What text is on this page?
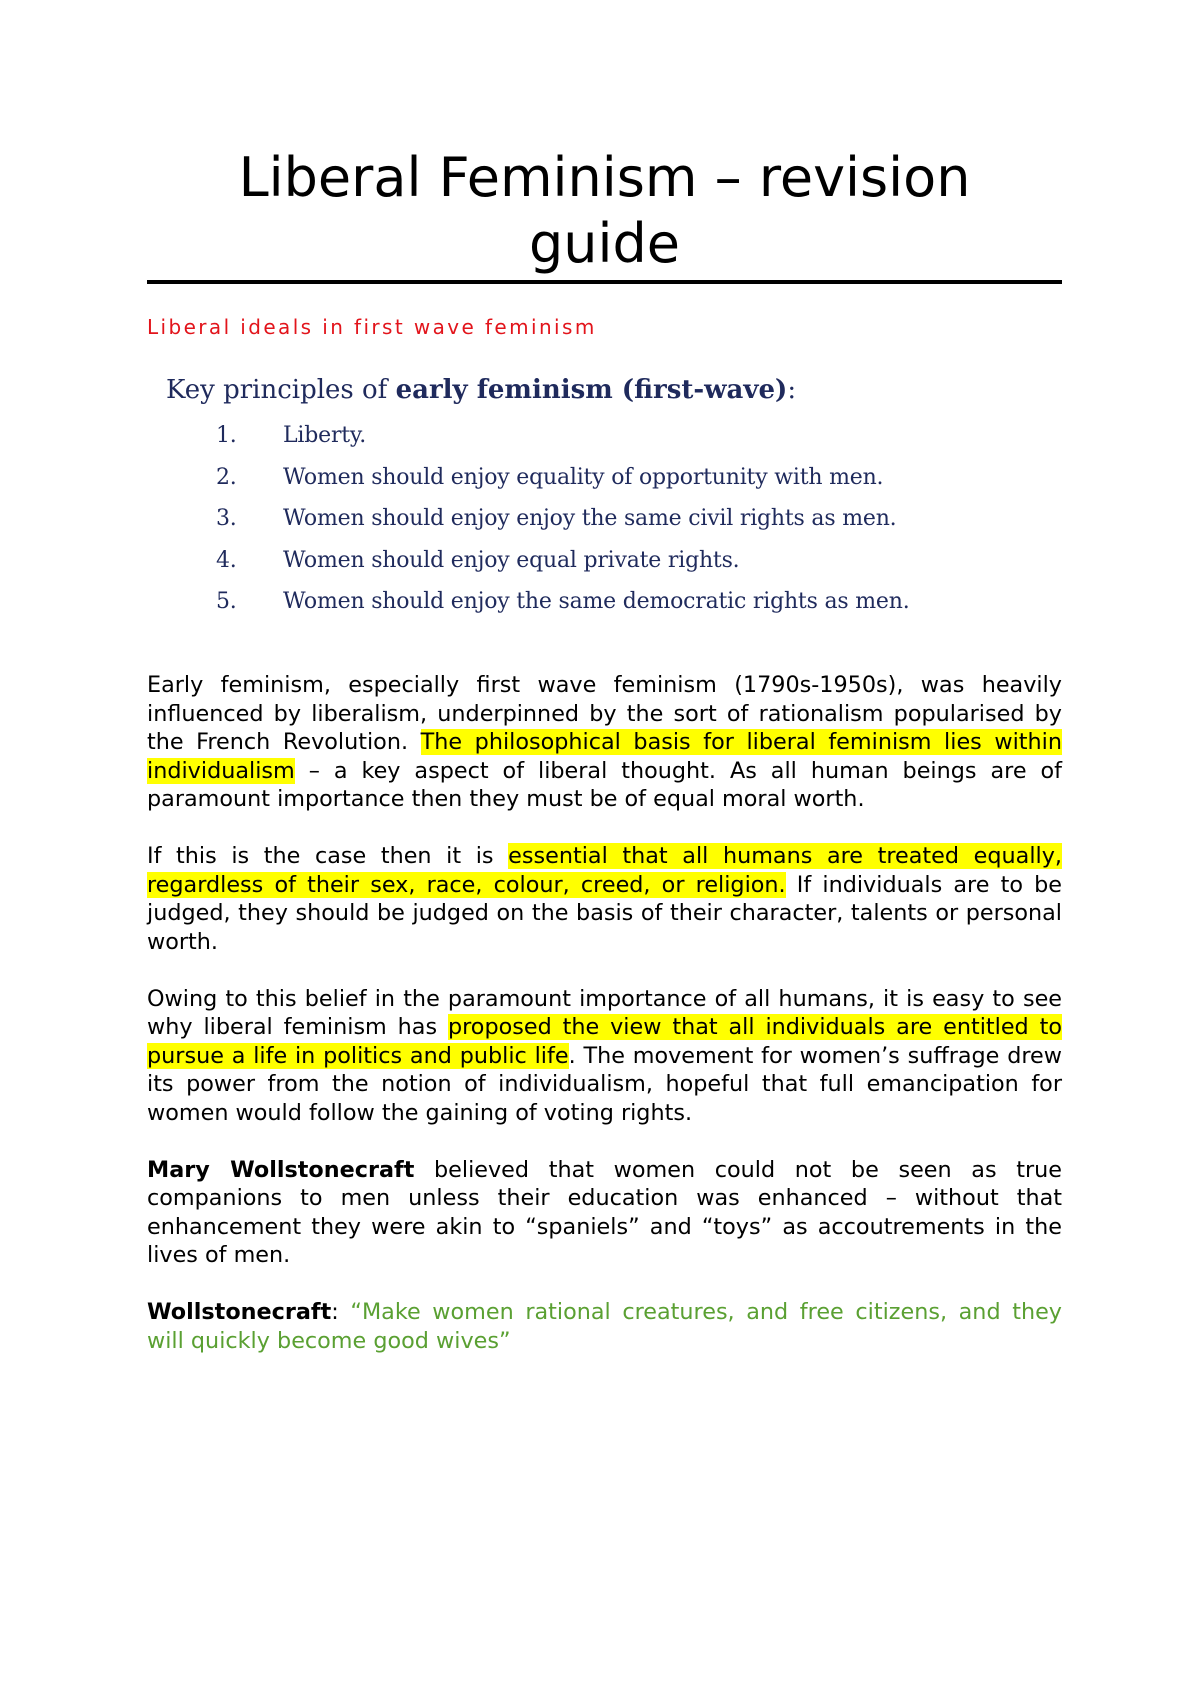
Liberal Feminism – revision
guide
Liberal ideals in first wave feminism

Key principles of early feminism (first-wave):

1. Liberty.
2. Women should enjoy equality of opportunity with men.
3. Women should enjoy enjoy the same civil rights as men.
4. Women should enjoy equal private rights.
5. Women should enjoy the same democratic rights as men.

Early feminism, especially first wave feminism (1790s-1950s), was heavily influenced by liberalism, underpinned by the sort of rationalism popularised by the French Revolution. The philosophical basis for liberal feminism lies within individualism – a key aspect of liberal thought. As all human beings are of paramount importance then they must be of equal moral worth.

If this is the case then it is essential that all humans are treated equally, regardless of their sex, race, colour, creed, or religion. If individuals are to be judged, they should be judged on the basis of their character, talents or personal worth.

Owing to this belief in the paramount importance of all humans, it is easy to see why liberal feminism has proposed the view that all individuals are entitled to pursue a life in politics and public life. The movement for women’s suffrage drew its power from the notion of individualism, hopeful that full emancipation for women would follow the gaining of voting rights.

Mary Wollstonecraft believed that women could not be seen as true companions to men unless their education was enhanced – without that enhancement they were akin to “spaniels” and “toys” as accoutrements in the lives of men.

Wollstonecraft: “Make women rational creatures, and free citizens, and they will quickly become good wives”
